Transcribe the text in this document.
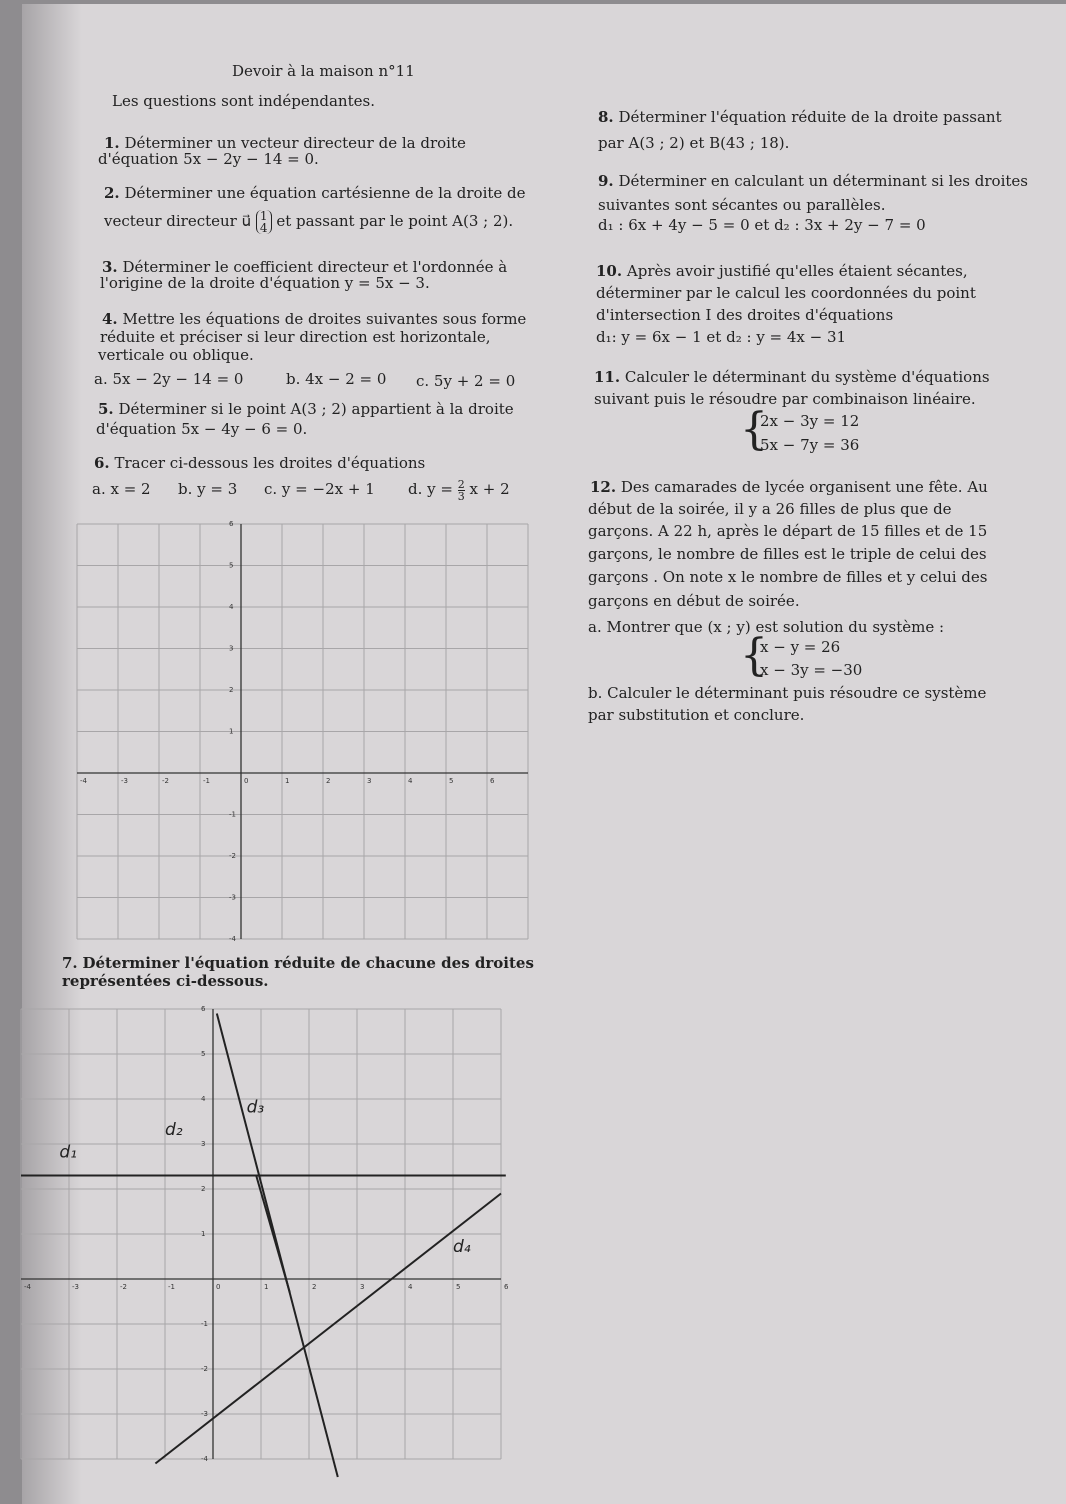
Devoir à la maison n°11
Les questions sont indépendantes.
1. Déterminer un vecteur directeur de la droite
d'équation 5x − 2y − 14 = 0.
2. Déterminer une équation cartésienne de la droite de
vecteur directeur u⃗ 1
4 et passant par le point A(3 ; 2).
3. Déterminer le coefficient directeur et l'ordonnée à
l'origine de la droite d'équation y = 5x − 3.
4. Mettre les équations de droites suivantes sous forme
réduite et préciser si leur direction est horizontale,
verticale ou oblique.
a. 5x − 2y − 14 = 0	b. 4x − 2 = 0 c. 5y + 2 = 0
5. Déterminer si le point A(3 ; 2) appartient à la droite
d'équation 5x − 4y − 6 = 0.
6. Tracer ci-dessous les droites d'équations
a. x = 2 b. y = 3 c. y = −2x + 1 d. $y = \frac{2}{3}$ x + 2
7. Déterminer l'équation réduite de chacune des droites
représentées ci-dessous.
8. Déterminer l'équation réduite de la droite passant
par A(3 ; 2) et B(43 ; 18).
9. Déterminer en calculant un déterminant si les droites
suivantes sont sécantes ou parallèles.
d₁ : 6x + 4y − 5 = 0 et d₂ : 3x + 2y − 7 = 0
10. Après avoir justifié qu'elles étaient sécantes,
déterminer par le calcul les coordonnées du point
d'intersection I des droites d'équations
d₁: y = 6x − 1 et d₂ : y = 4x − 31
11. Calculer le déterminant du système d'équations
suivant puis le résoudre par combinaison linéaire.
{
2x − 3y = 12
5x − 7y = 36
12. Des camarades de lycée organisent une fête. Au
début de la soirée, il y a 26 filles de plus que de
garçons. A 22 h, après le départ de 15 filles et de 15
garçons, le nombre de filles est le triple de celui des
garçons . On note x le nombre de filles et y celui des
garçons en début de soirée.
a. Montrer que (x ; y) est solution du système :
{
x − y = 26
x − 3y = −30
b. Calculer le déterminant puis résoudre ce système
par substitution et conclure.
-4	-3	-2	-1	0	1	2	3	4	5	6
6
5
4
3
2
1
-1
-2
-3
-4
-4	-3	-2	-1	0	1	2	3	4	5	6
6
5
4
3
2
1
-1
-2
-3
-4
d₁
d₂
d₃
d₄
